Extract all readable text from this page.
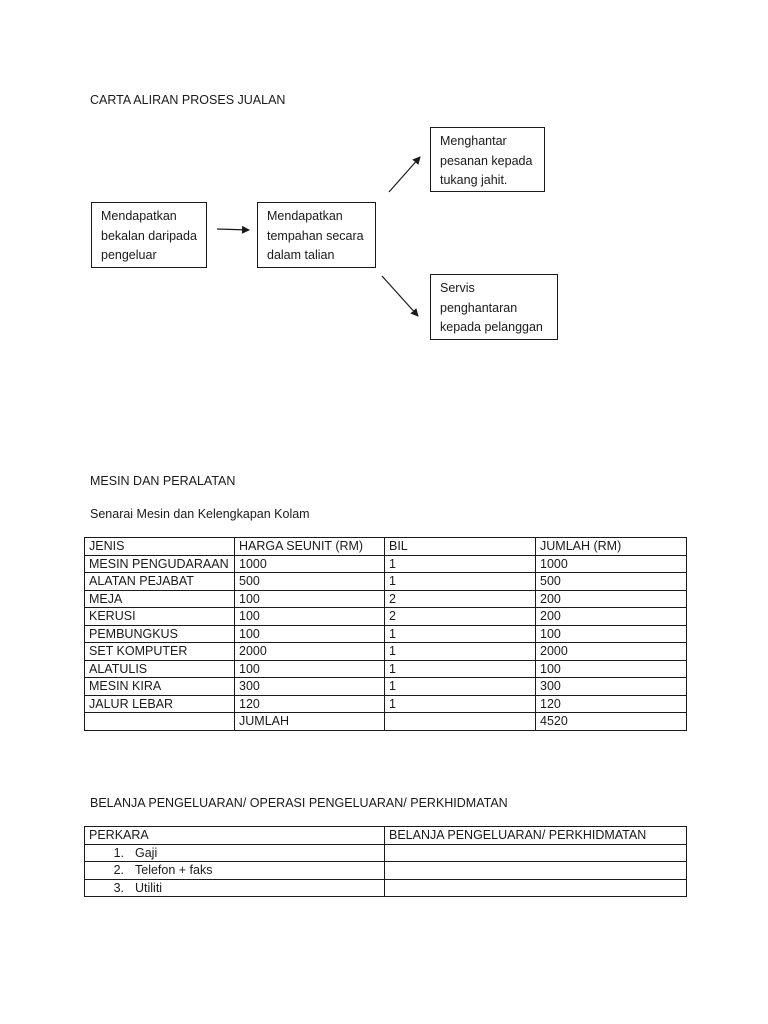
CARTA ALIRAN PROSES JUALAN
Mendapatkan
bekalan daripada
pengeluar
Mendapatkan
tempahan secara
dalam talian
Menghantar
pesanan kepada
tukang jahit.
Servis
penghantaran
kepada pelanggan
MESIN DAN PERALATAN
Senarai Mesin dan Kelengkapan Kolam
JENIS	HARGA SEUNIT (RM)	BIL	JUMLAH (RM)
MESIN PENGUDARAAN	1000	1	1000
ALATAN PEJABAT	500	1	500
MEJA	100	2	200
KERUSI	100	2	200
PEMBUNGKUS	100	1	100
SET KOMPUTER	2000	1	2000
ALATULIS	100	1	100
MESIN KIRA	300	1	300
JALUR LEBAR	120	1	120
	JUMLAH		4520
BELANJA PENGELUARAN/ OPERASI PENGELUARAN/ PERKHIDMATAN
PERKARA	BELANJA PENGELUARAN/ PERKHIDMATAN
1. Gaji	
2. Telefon + faks	
3. Utiliti	
